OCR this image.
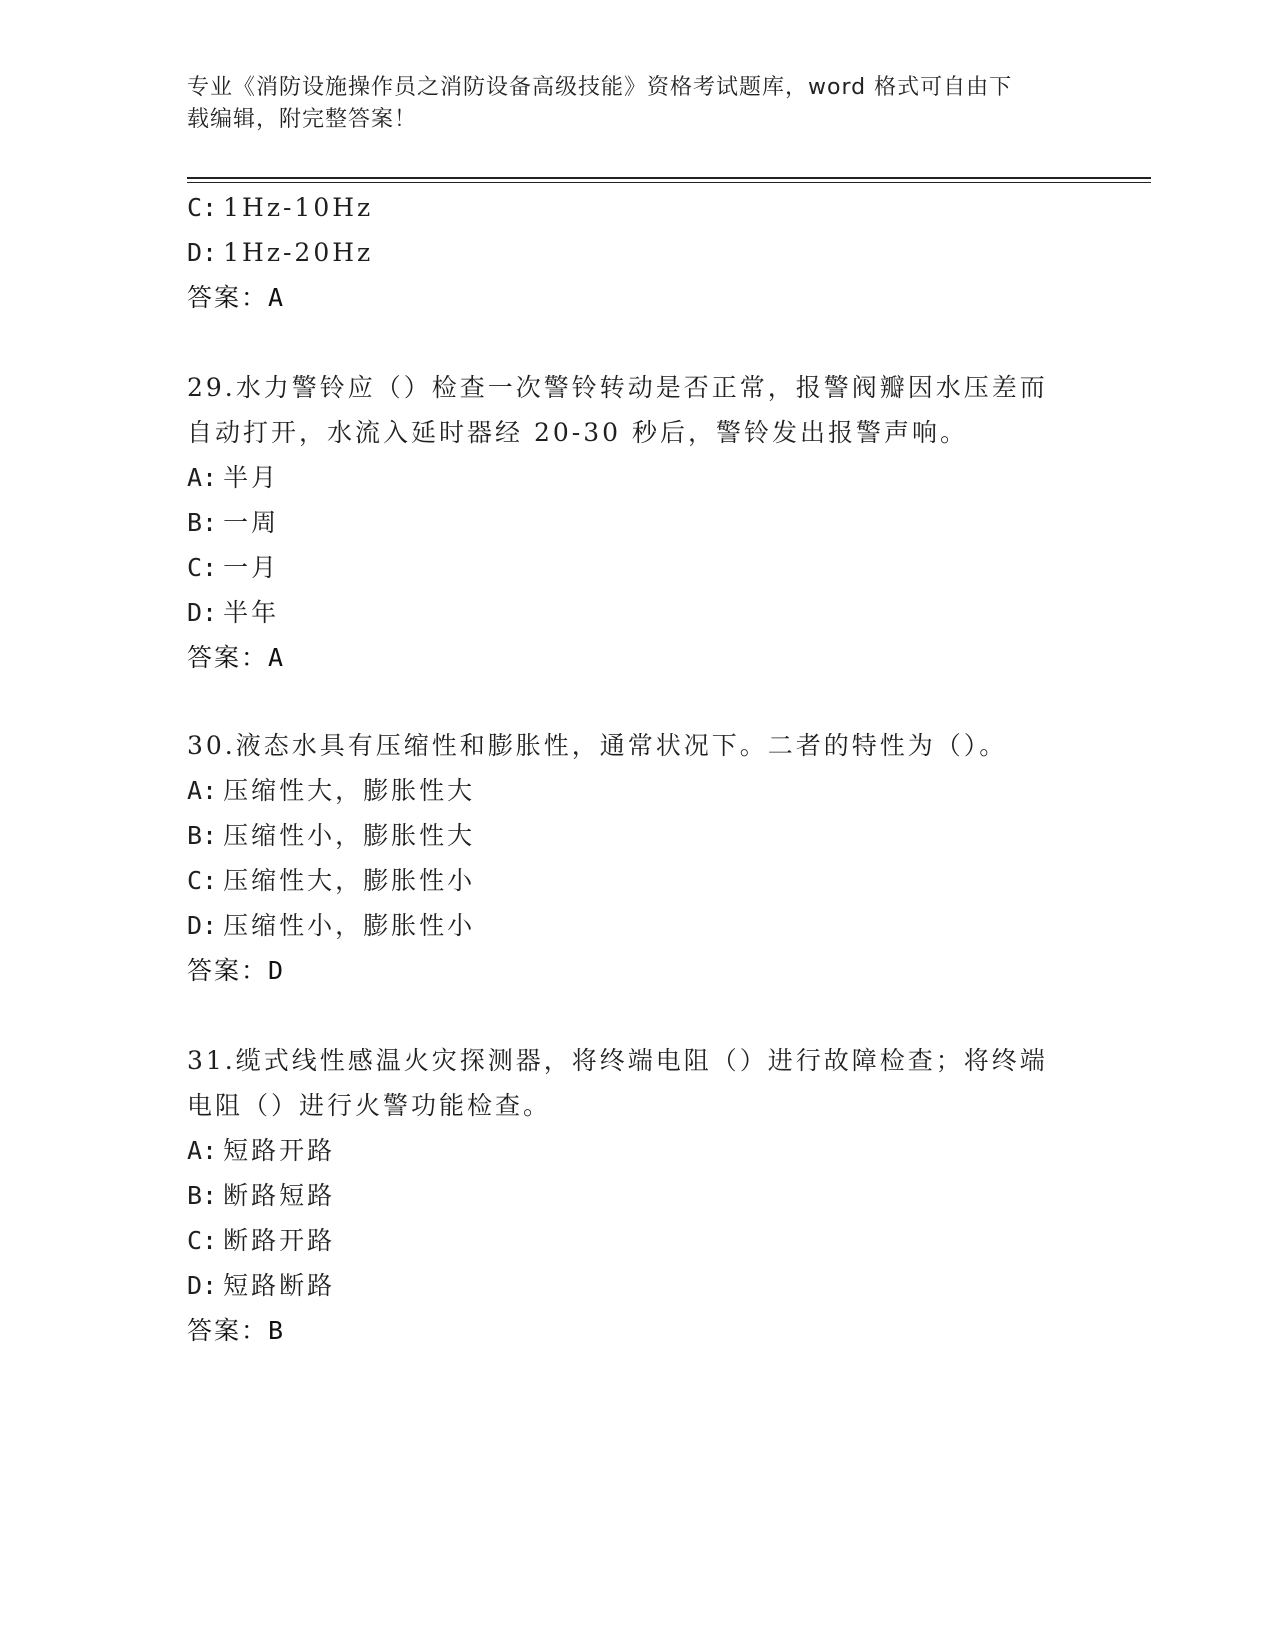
专业《消防设施操作员之消防设备高级技能》资格考试题库，word 格式可自由下
载编辑，附完整答案！
C: 1Hz-10Hz
D: 1Hz-20Hz
答案：A
29.水力警铃应（）检查一次警铃转动是否正常，报警阀瓣因水压差而
自动打开，水流入延时器经 20-30 秒后，警铃发出报警声响。
A: 半月
B: 一周
C: 一月
D: 半年
答案：A
30.液态水具有压缩性和膨胀性，通常状况下。二者的特性为（）。
A: 压缩性大，膨胀性大
B: 压缩性小，膨胀性大
C: 压缩性大，膨胀性小
D: 压缩性小，膨胀性小
答案：D
31.缆式线性感温火灾探测器，将终端电阻（）进行故障检查；将终端
电阻（）进行火警功能检查。
A: 短路开路
B: 断路短路
C: 断路开路
D: 短路断路
答案：B
